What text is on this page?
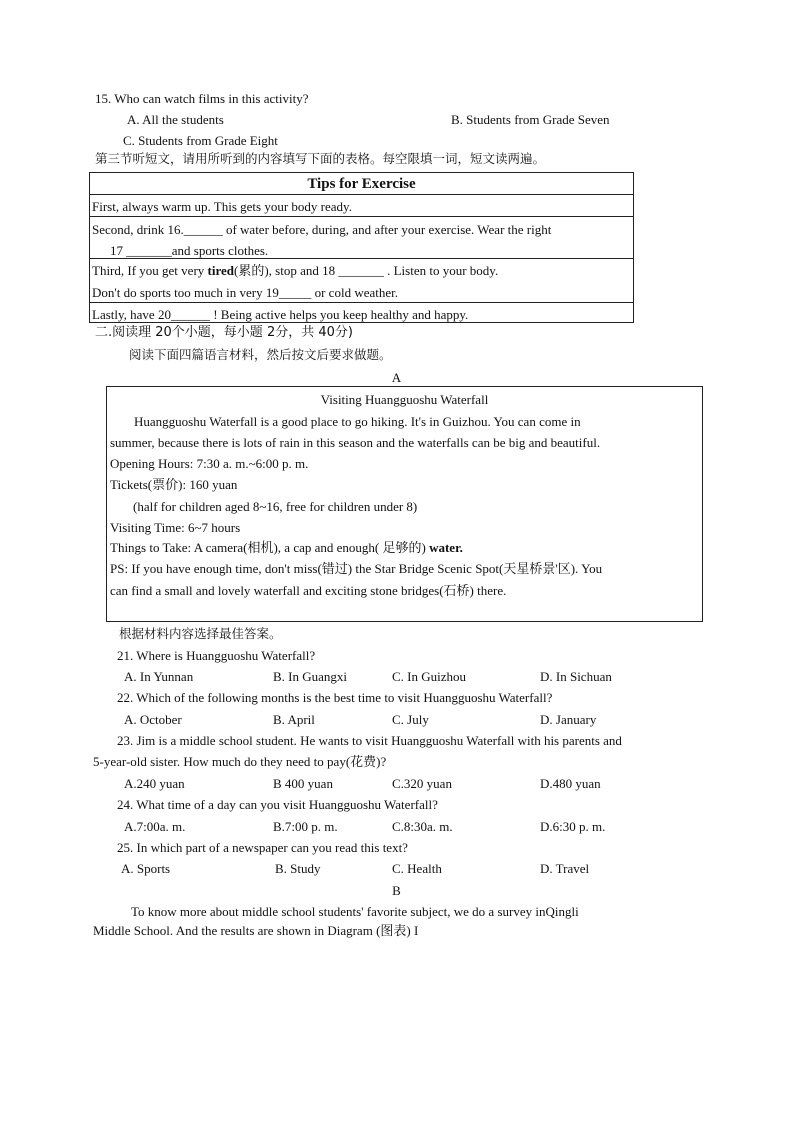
15. Who can watch films in this activity?
A. All the students	B. Students from Grade Seven
C. Students from Grade Eight
第三节听短文，请用所听到的内容填写下面的表格。每空限填一词，短文读两遍。
Tips for Exercise
First, always warm up. This gets your body ready.
Second, drink 16.______ of water before, during, and after your exercise. Wear the right
17 _______and sports clothes.
Third, If you get very tired(累的), stop and 18 _______ . Listen to your body.
Don't do sports too much in very 19_____ or cold weather.
Lastly, have 20______ ! Being active helps you keep healthy and happy.
二.阅读理 20个小题，每小题 2分，共 40分)
阅读下面四篇语言材料，然后按文后要求做题。
A
Visiting Huangguoshu Waterfall
Huangguoshu Waterfall is a good place to go hiking. It's in Guizhou. You can come in
summer, because there is lots of rain in this season and the waterfalls can be big and beautiful.
Opening Hours: 7:30 a. m.~6:00 p. m.
Tickets(票价): 160 yuan
(half for children aged 8~16, free for children under 8)
Visiting Time: 6~7 hours
Things to Take: A camera(相机), a cap and enough( 足够的) water.
PS: If you have enough time, don't miss(错过) the Star Bridge Scenic Spot(天星桥景'区). You
can find a small and lovely waterfall and exciting stone bridges(石桥) there.
根据材料内容选择最佳答案。
21. Where is Huangguoshu Waterfall?
A. In Yunnan	B. In Guangxi	C. In Guizhou	D. In Sichuan
22. Which of the following months is the best time to visit Huangguoshu Waterfall?
A. October	B. April	C. July	D. January
23. Jim is a middle school student. He wants to visit Huangguoshu Waterfall with his parents and
5-year-old sister. How much do they need to pay(花费)?
A.240 yuan	B 400 yuan	C.320 yuan	D.480 yuan
24. What time of a day can you visit Huangguoshu Waterfall?
A.7:00a. m.	B.7:00 p. m.	C.8:30a. m.	D.6:30 p. m.
25. In which part of a newspaper can you read this text?
A. Sports	B. Study	C. Health	D. Travel
B
To know more about middle school students' favorite subject, we do a survey inQingli
Middle School. And the results are shown in Diagram (图表) I
